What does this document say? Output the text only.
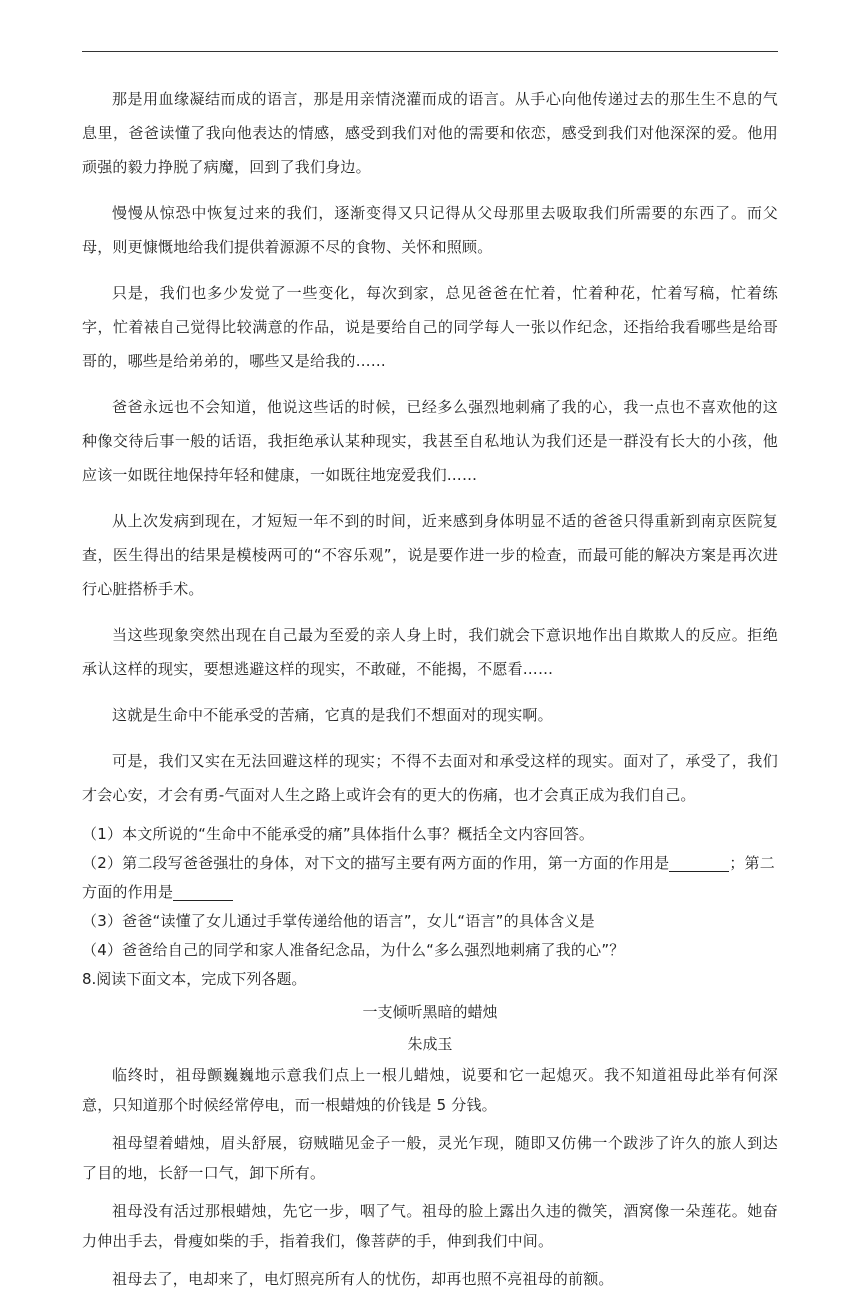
那是用血缘凝结而成的语言，那是用亲情浇灌而成的语言。从手心向他传递过去的那生生不息的气息里，爸爸读懂了我向他表达的情感，感受到我们对他的需要和依恋，感受到我们对他深深的爱。他用顽强的毅力挣脱了病魔，回到了我们身边。

慢慢从惊恐中恢复过来的我们，逐渐变得又只记得从父母那里去吸取我们所需要的东西了。而父母，则更慷慨地给我们提供着源源不尽的食物、关怀和照顾。

只是，我们也多少发觉了一些变化，每次到家，总见爸爸在忙着，忙着种花，忙着写稿，忙着练字，忙着裱自己觉得比较满意的作品，说是要给自己的同学每人一张以作纪念，还指给我看哪些是给哥哥的，哪些是给弟弟的，哪些又是给我的……

爸爸永远也不会知道，他说这些话的时候，已经多么强烈地刺痛了我的心，我一点也不喜欢他的这种像交待后事一般的话语，我拒绝承认某种现实，我甚至自私地认为我们还是一群没有长大的小孩，他应该一如既往地保持年轻和健康，一如既往地宠爱我们……

从上次发病到现在，才短短一年不到的时间，近来感到身体明显不适的爸爸只得重新到南京医院复查，医生得出的结果是模棱两可的“不容乐观”，说是要作进一步的检查，而最可能的解决方案是再次进行心脏搭桥手术。

当这些现象突然出现在自己最为至爱的亲人身上时，我们就会下意识地作出自欺欺人的反应。拒绝承认这样的现实，要想逃避这样的现实，不敢碰，不能揭，不愿看……

这就是生命中不能承受的苦痛，它真的是我们不想面对的现实啊。

可是，我们又实在无法回避这样的现实；不得不去面对和承受这样的现实。面对了，承受了，我们才会心安，才会有勇-气面对人生之路上或许会有的更大的伤痛，也才会真正成为我们自己。

（1）本文所说的“生命中不能承受的痛”具体指什么事？概括全文内容回答。

（2）第二段写爸爸强壮的身体，对下文的描写主要有两方面的作用，第一方面的作用是	；第二方面的作用是

（3）爸爸“读懂了女儿通过手掌传递给他的语言”，女儿“语言”的具体含义是

（4）爸爸给自己的同学和家人准备纪念品，为什么“多么强烈地刺痛了我的心”？

8.阅读下面文本，完成下列各题。

一支倾听黑暗的蜡烛

朱成玉

临终时，祖母颤巍巍地示意我们点上一根儿蜡烛，说要和它一起熄灭。我不知道祖母此举有何深意，只知道那个时候经常停电，而一根蜡烛的价钱是 5 分钱。

祖母望着蜡烛，眉头舒展，窃贼瞄见金子一般，灵光乍现，随即又仿佛一个跋涉了许久的旅人到达了目的地，长舒一口气，卸下所有。

祖母没有活过那根蜡烛，先它一步，咽了气。祖母的脸上露出久违的微笑，酒窝像一朵莲花。她奋力伸出手去，骨瘦如柴的手，指着我们，像菩萨的手，伸到我们中间。

祖母去了，电却来了，电灯照亮所有人的忧伤，却再也照不亮祖母的前额。
